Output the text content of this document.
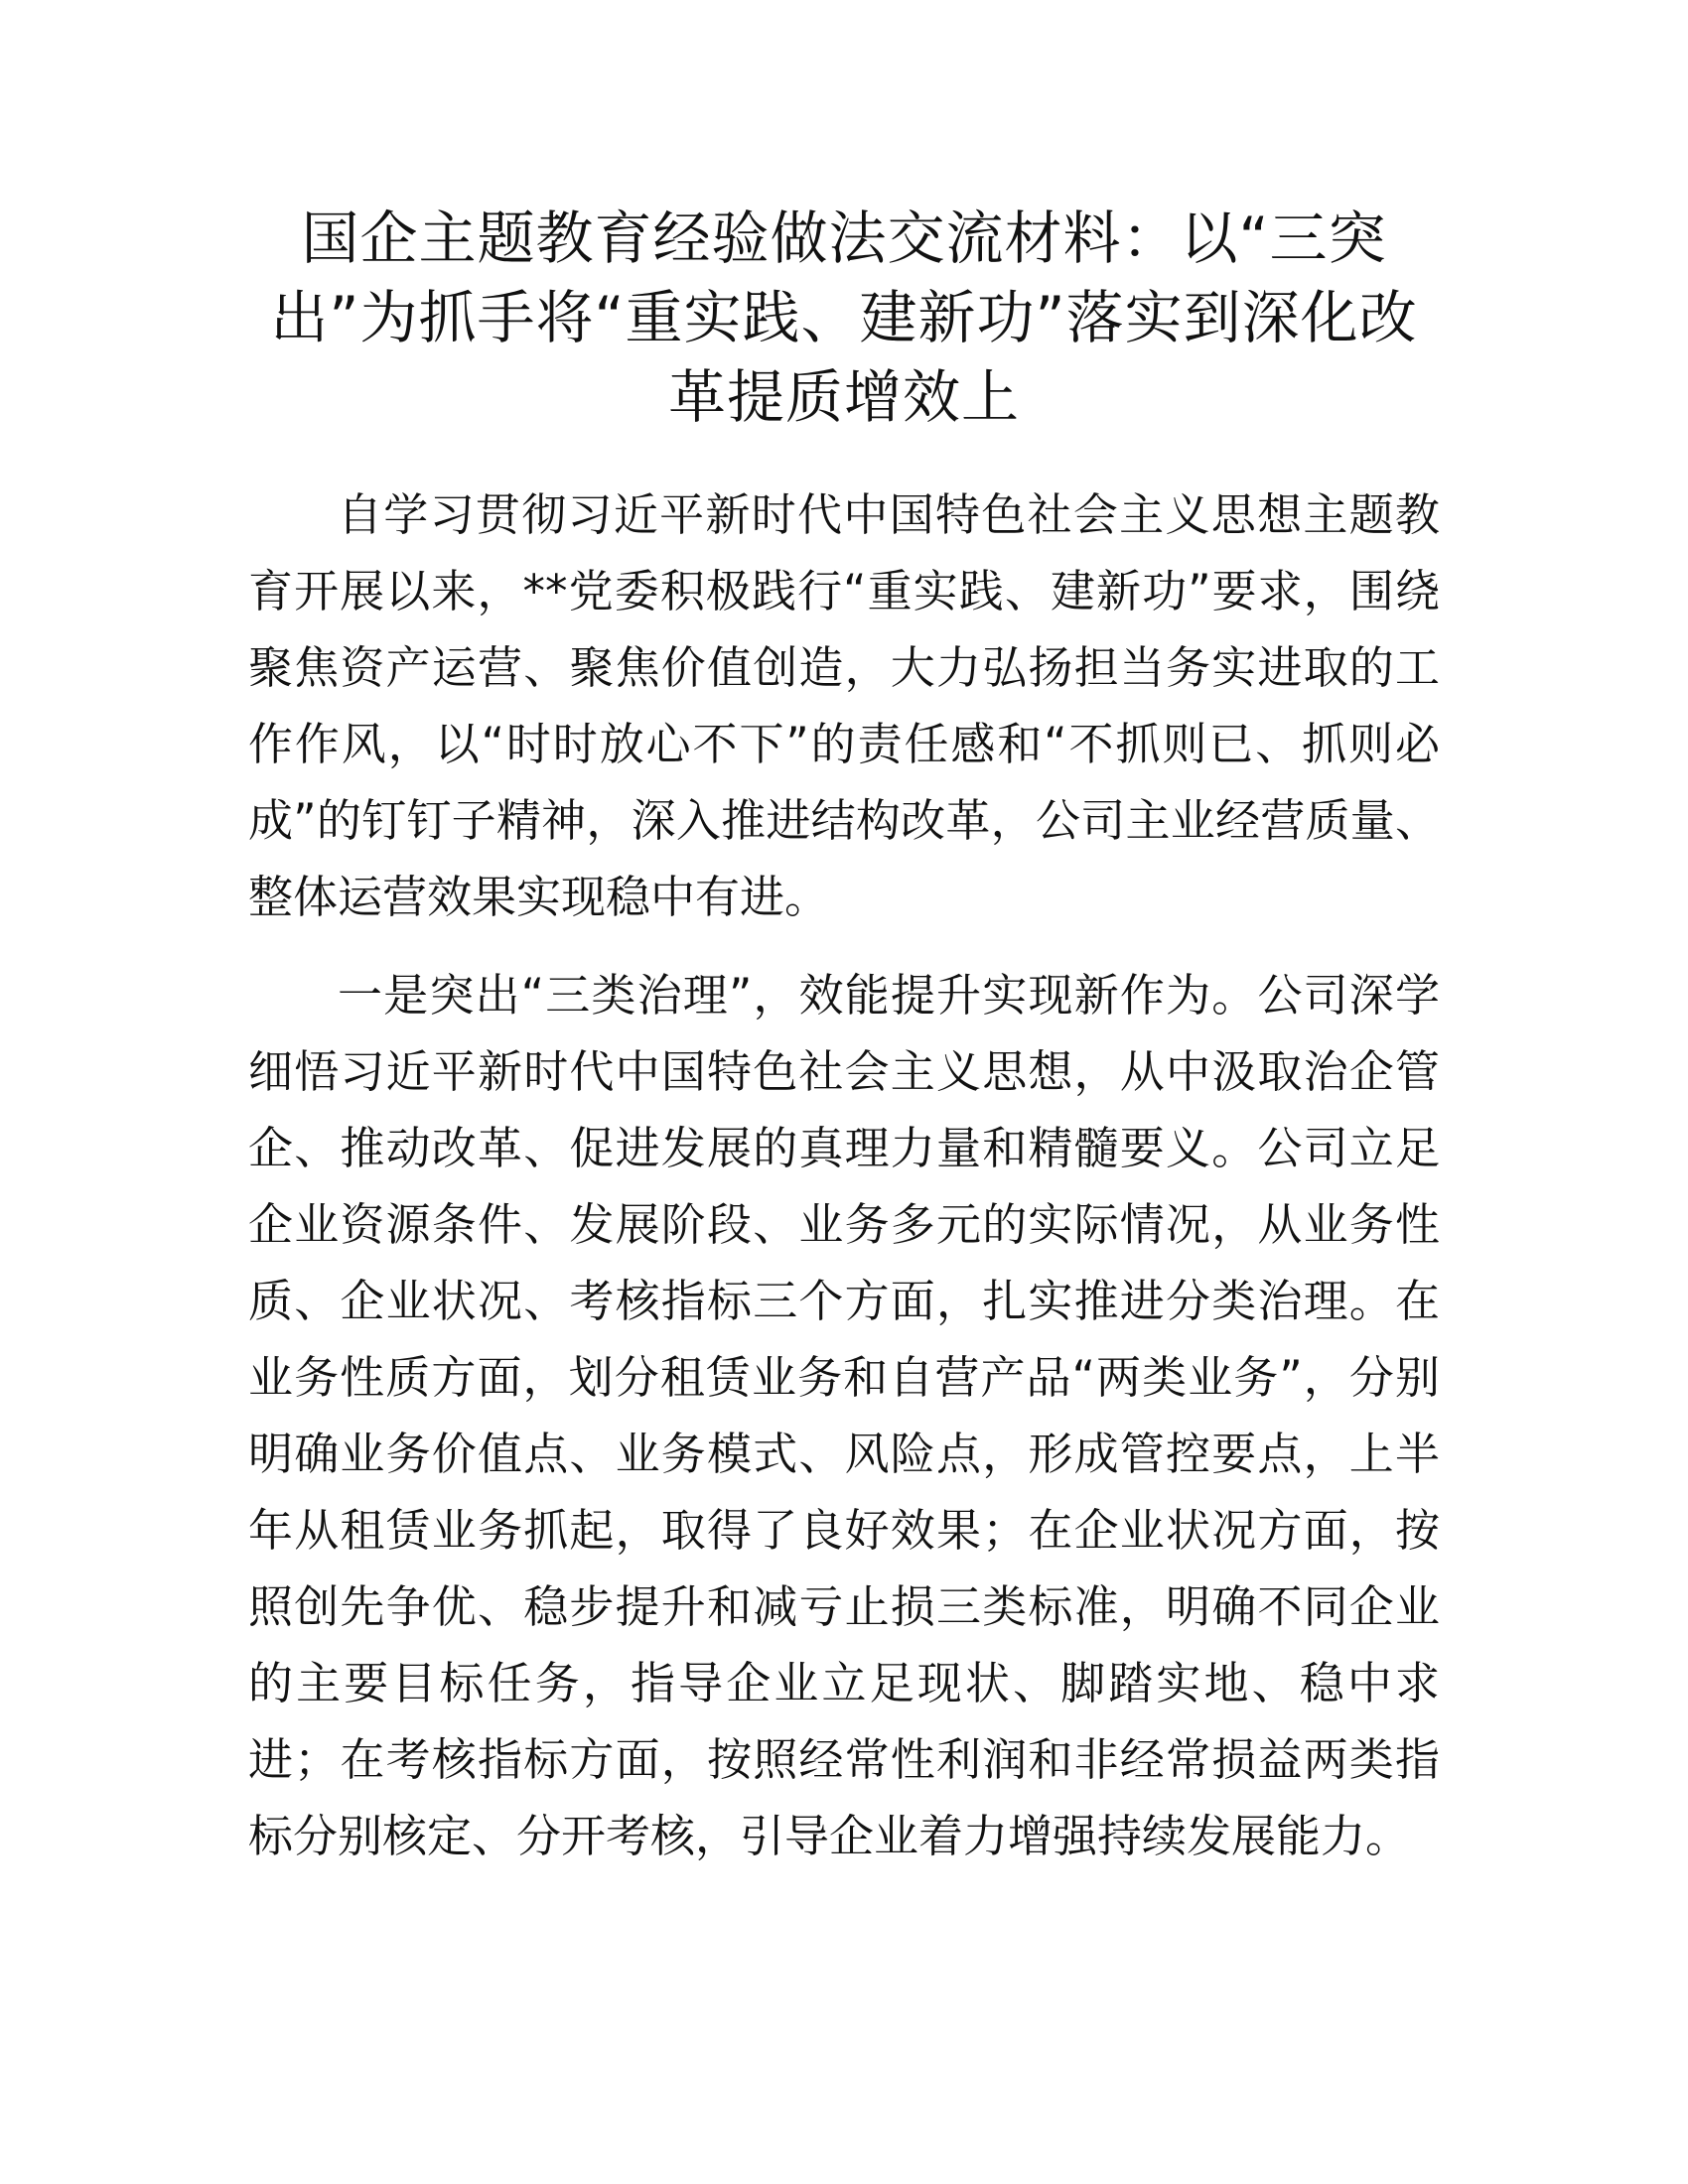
国企主题教育经验做法交流材料：以“三突出”为抓手将“重实践、建新功”落实到深化改革提质增效上

自学习贯彻习近平新时代中国特色社会主义思想主题教育开展以来，**党委积极践行“重实践、建新功”要求，围绕聚焦资产运营、聚焦价值创造，大力弘扬担当务实进取的工作作风，以“时时放心不下”的责任感和“不抓则已、抓则必成”的钉钉子精神，深入推进结构改革，公司主业经营质量、整体运营效果实现稳中有进。

一是突出“三类治理”，效能提升实现新作为。公司深学细悟习近平新时代中国特色社会主义思想，从中汲取治企管企、推动改革、促进发展的真理力量和精髓要义。公司立足企业资源条件、发展阶段、业务多元的实际情况，从业务性质、企业状况、考核指标三个方面，扎实推进分类治理。在业务性质方面，划分租赁业务和自营产品“两类业务”，分别明确业务价值点、业务模式、风险点，形成管控要点，上半年从租赁业务抓起，取得了良好效果；在企业状况方面，按照创先争优、稳步提升和减亏止损三类标准，明确不同企业的主要目标任务，指导企业立足现状、脚踏实地、稳中求进；在考核指标方面，按照经常性利润和非经常损益两类指标分别核定、分开考核，引导企业着力增强持续发展能力。
